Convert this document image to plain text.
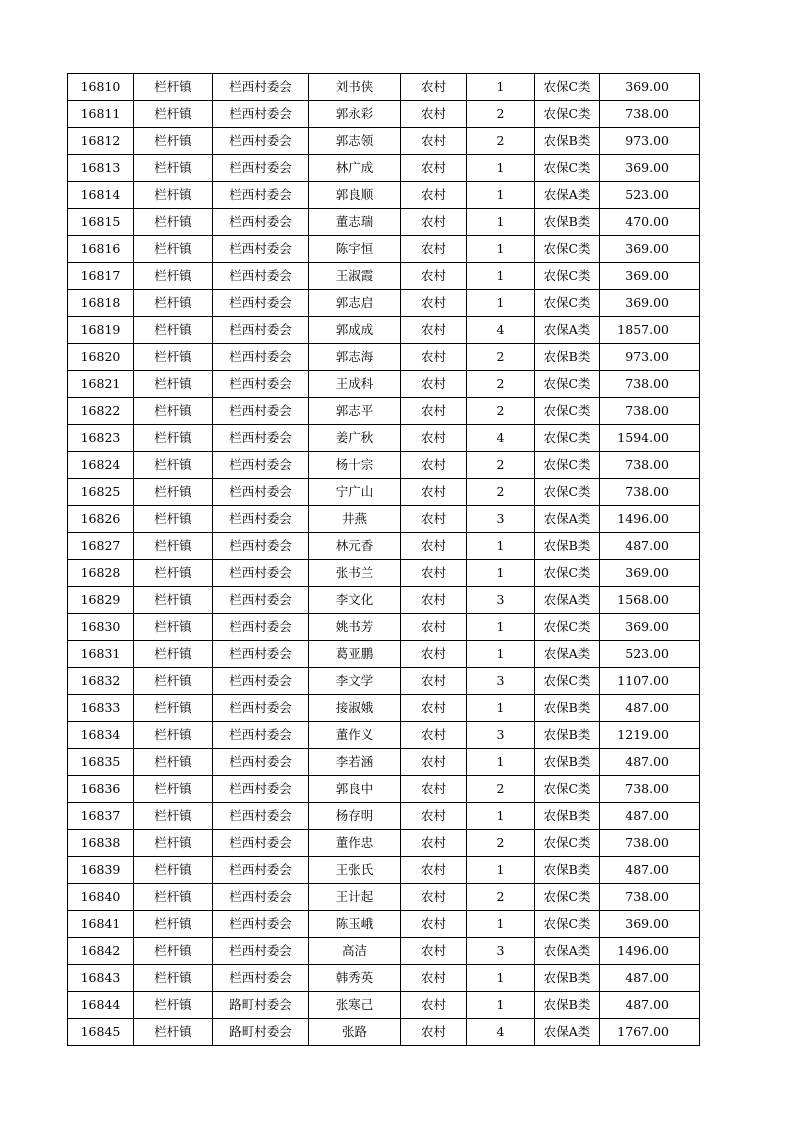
16810	栏杆镇	栏西村委会	刘书侠	农村	1	农保C类	369.00
16811	栏杆镇	栏西村委会	郭永彩	农村	2	农保C类	738.00
16812	栏杆镇	栏西村委会	郭志领	农村	2	农保B类	973.00
16813	栏杆镇	栏西村委会	林广成	农村	1	农保C类	369.00
16814	栏杆镇	栏西村委会	郭良顺	农村	1	农保A类	523.00
16815	栏杆镇	栏西村委会	董志瑞	农村	1	农保B类	470.00
16816	栏杆镇	栏西村委会	陈宇恒	农村	1	农保C类	369.00
16817	栏杆镇	栏西村委会	王淑霞	农村	1	农保C类	369.00
16818	栏杆镇	栏西村委会	郭志启	农村	1	农保C类	369.00
16819	栏杆镇	栏西村委会	郭成成	农村	4	农保A类	1857.00
16820	栏杆镇	栏西村委会	郭志海	农村	2	农保B类	973.00
16821	栏杆镇	栏西村委会	王成科	农村	2	农保C类	738.00
16822	栏杆镇	栏西村委会	郭志平	农村	2	农保C类	738.00
16823	栏杆镇	栏西村委会	姜广秋	农村	4	农保C类	1594.00
16824	栏杆镇	栏西村委会	杨十宗	农村	2	农保C类	738.00
16825	栏杆镇	栏西村委会	宁广山	农村	2	农保C类	738.00
16826	栏杆镇	栏西村委会	井燕	农村	3	农保A类	1496.00
16827	栏杆镇	栏西村委会	林元香	农村	1	农保B类	487.00
16828	栏杆镇	栏西村委会	张书兰	农村	1	农保C类	369.00
16829	栏杆镇	栏西村委会	李文化	农村	3	农保A类	1568.00
16830	栏杆镇	栏西村委会	姚书芳	农村	1	农保C类	369.00
16831	栏杆镇	栏西村委会	葛亚鹏	农村	1	农保A类	523.00
16832	栏杆镇	栏西村委会	李文学	农村	3	农保C类	1107.00
16833	栏杆镇	栏西村委会	接淑娥	农村	1	农保B类	487.00
16834	栏杆镇	栏西村委会	董作义	农村	3	农保B类	1219.00
16835	栏杆镇	栏西村委会	李若涵	农村	1	农保B类	487.00
16836	栏杆镇	栏西村委会	郭良中	农村	2	农保C类	738.00
16837	栏杆镇	栏西村委会	杨存明	农村	1	农保B类	487.00
16838	栏杆镇	栏西村委会	董作忠	农村	2	农保C类	738.00
16839	栏杆镇	栏西村委会	王张氏	农村	1	农保B类	487.00
16840	栏杆镇	栏西村委会	王计起	农村	2	农保C类	738.00
16841	栏杆镇	栏西村委会	陈玉峨	农村	1	农保C类	369.00
16842	栏杆镇	栏西村委会	高洁	农村	3	农保A类	1496.00
16843	栏杆镇	栏西村委会	韩秀英	农村	1	农保B类	487.00
16844	栏杆镇	路町村委会	张寒己	农村	1	农保B类	487.00
16845	栏杆镇	路町村委会	张路	农村	4	农保A类	1767.00
